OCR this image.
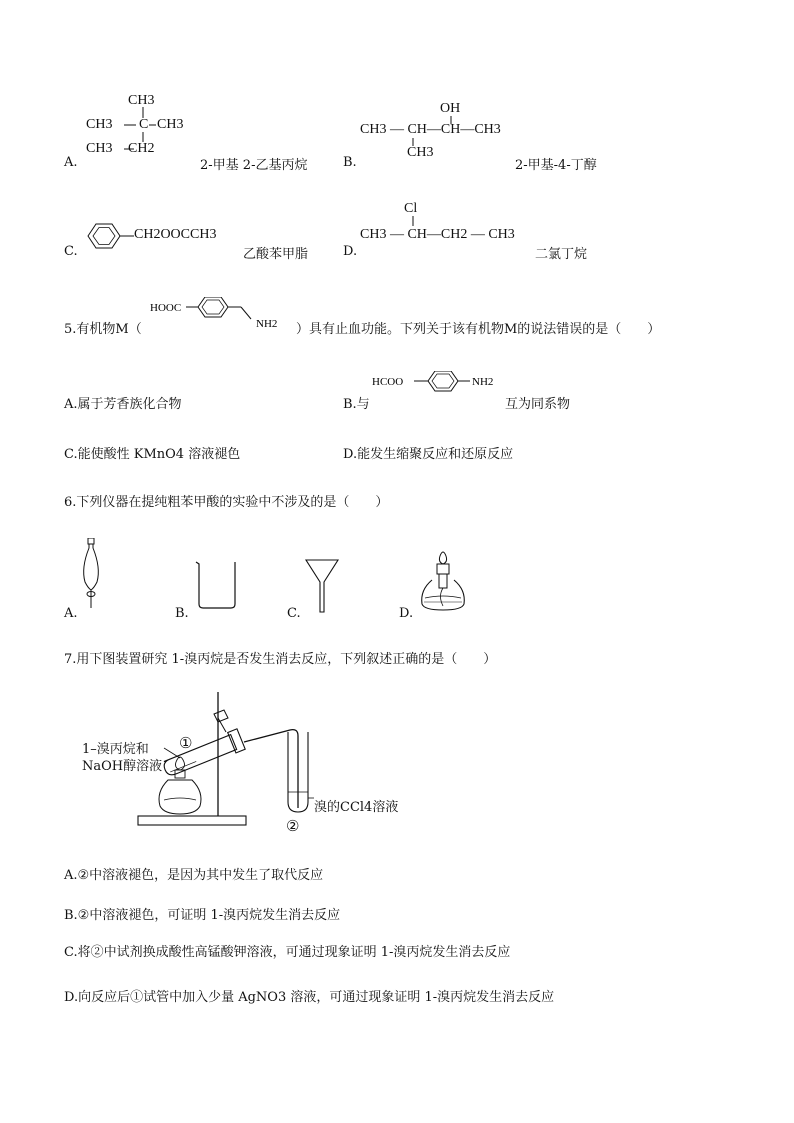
CH3
CH3 C CH3
CH3 CH2
A.	2-甲基 2-乙基丙烷
OH
CH3 — CH—CH—CH3
CH3
B.	2-甲基-4-丁醇
CH2OOCCH3
C.	乙酸苯甲脂
Cl
CH3 — CH—CH2 — CH3
D.	二氯丁烷
5.有机物M（
HOOC
NH2 ）具有止血功能。下列关于该有机物M的说法错误的是（　　）
A.属于芳香族化合物	B.与
HCOO	NH2
互为同系物
C.能使酸性 KMnO4 溶液褪色	D.能发生缩聚反应和还原反应
6.下列仪器在提纯粗苯甲酸的实验中不涉及的是（　　）
A.	B.	C.	D.
7.用下图装置研究 1-溴丙烷是否发生消去反应，下列叙述正确的是（　　）
1–溴丙烷和
NaOH醇溶液
①
溴的CCl4溶液
②
A.②中溶液褪色，是因为其中发生了取代反应
B.②中溶液褪色，可证明 1-溴丙烷发生消去反应
C.将②中试剂换成酸性高锰酸钾溶液，可通过现象证明 1-溴丙烷发生消去反应
D.向反应后①试管中加入少量 AgNO3 溶液，可通过现象证明 1-溴丙烷发生消去反应
